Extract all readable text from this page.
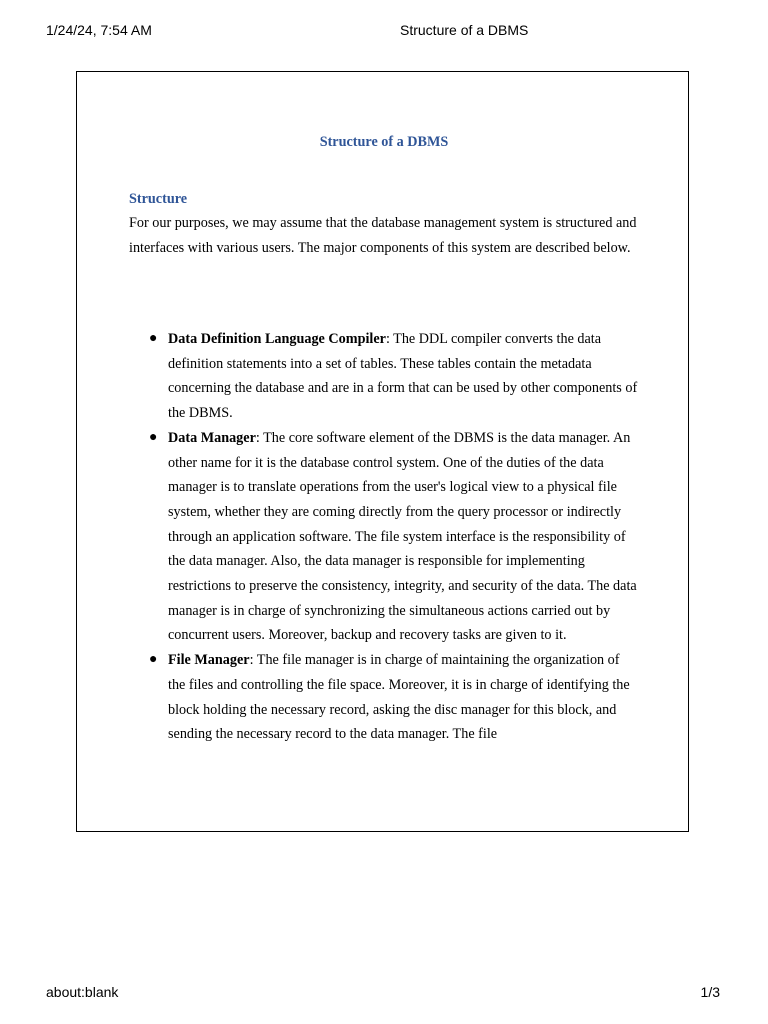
1/24/24, 7:54 AM	Structure of a DBMS
Structure of a DBMS
Structure

For our purposes, we may assume that the database management system is structured and interfaces with various users. The major components of this system are described below.

● Data Definition Language Compiler: The DDL compiler converts the data definition statements into a set of tables. These tables contain the metadata concerning the database and are in a form that can be used by other components of the DBMS.
● Data Manager: The core software element of the DBMS is the data manager. An other name for it is the database control system. One of the duties of the data manager is to translate operations from the user's logical view to a physical file system, whether they are coming directly from the query processor or indirectly through an application software. The file system interface is the responsibility of the data manager. Also, the data manager is responsible for implementing restrictions to preserve the consistency, integrity, and security of the data. The data manager is in charge of synchronizing the simultaneous actions carried out by concurrent users. Moreover, backup and recovery tasks are given to it.
● File Manager: The file manager is in charge of maintaining the organization of the files and controlling the file space. Moreover, it is in charge of identifying the block holding the necessary record, asking the disc manager for this block, and sending the necessary record to the data manager. The file
about:blank	1/3
